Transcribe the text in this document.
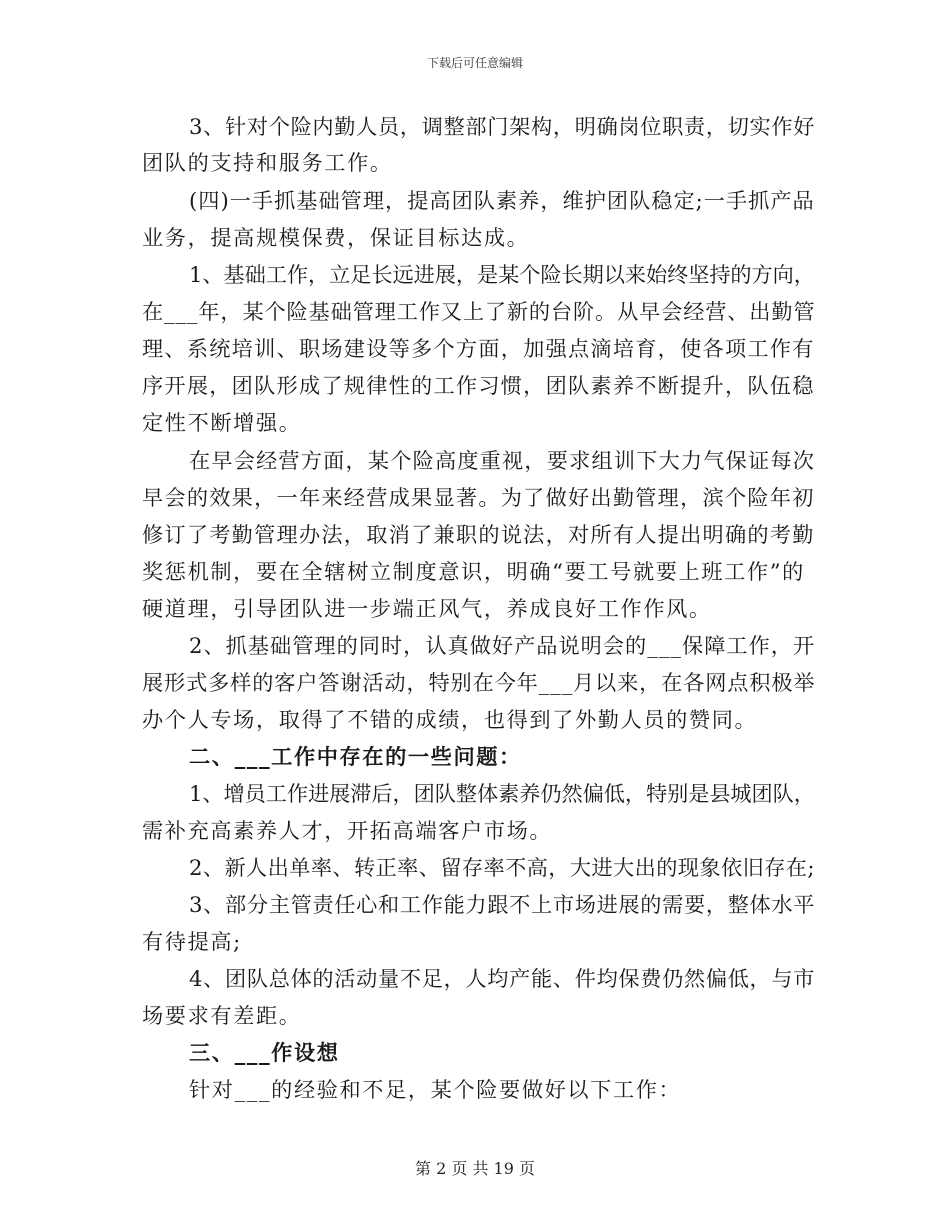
下载后可任意编辑
3、针对个险内勤人员，调整部门架构，明确岗位职责，切实作好
团队的支持和服务工作。
(四)一手抓基础管理，提高团队素养，维护团队稳定;一手抓产品
业务，提高规模保费，保证目标达成。
1、基础工作，立足长远进展，是某个险长期以来始终坚持的方向，
在___年，某个险基础管理工作又上了新的台阶。从早会经营、出勤管
理、系统培训、职场建设等多个方面，加强点滴培育，使各项工作有
序开展，团队形成了规律性的工作习惯，团队素养不断提升，队伍稳
定性不断增强。
在早会经营方面，某个险高度重视，要求组训下大力气保证每次
早会的效果，一年来经营成果显著。为了做好出勤管理，滨个险年初
修订了考勤管理办法，取消了兼职的说法，对所有人提出明确的考勤
奖惩机制，要在全辖树立制度意识，明确“要工号就要上班工作”的
硬道理，引导团队进一步端正风气，养成良好工作作风。
2、抓基础管理的同时，认真做好产品说明会的___保障工作，开
展形式多样的客户答谢活动，特别在今年___月以来，在各网点积极举
办个人专场，取得了不错的成绩，也得到了外勤人员的赞同。
二、___工作中存在的一些问题：
1、增员工作进展滞后，团队整体素养仍然偏低，特别是县城团队，
需补充高素养人才，开拓高端客户市场。
2、新人出单率、转正率、留存率不高，大进大出的现象依旧存在;
3、部分主管责任心和工作能力跟不上市场进展的需要，整体水平
有待提高;
4、团队总体的活动量不足，人均产能、件均保费仍然偏低，与市
场要求有差距。
三、___作设想
针对___的经验和不足，某个险要做好以下工作：
第 2 页 共 19 页
